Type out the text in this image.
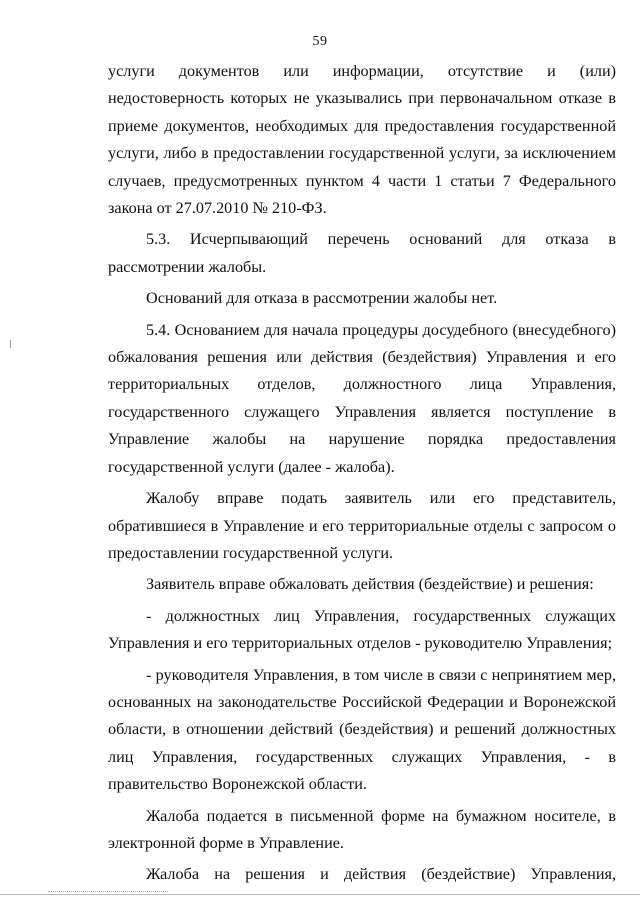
59

услуги документов или информации, отсутствие и (или) недостоверность которых не указывались при первоначальном отказе в приеме документов, необходимых для предоставления государственной услуги, либо в предоставлении государственной услуги, за исключением случаев, предусмотренных пунктом 4 части 1 статьи 7 Федерального закона от 27.07.2010 № 210-ФЗ.

5.3. Исчерпывающий перечень оснований для отказа в рассмотрении жалобы.

Оснований для отказа в рассмотрении жалобы нет.

5.4. Основанием для начала процедуры досудебного (внесудебного) обжалования решения или действия (бездействия) Управления и его территориальных отделов, должностного лица Управления, государственного служащего Управления является поступление в Управление жалобы на нарушение порядка предоставления государственной услуги (далее - жалоба).

Жалобу вправе подать заявитель или его представитель, обратившиеся в Управление и его территориальные отделы с запросом о предоставлении государственной услуги.

Заявитель вправе обжаловать действия (бездействие) и решения:

- должностных лиц Управления, государственных служащих Управления и его территориальных отделов - руководителю Управления;

- руководителя Управления, в том числе в связи с непринятием мер, основанных на законодательстве Российской Федерации и Воронежской области, в отношении действий (бездействия) и решений должностных лиц Управления, государственных служащих Управления, - в правительство Воронежской области.

Жалоба подается в письменной форме на бумажном носителе, в электронной форме в Управление.

Жалоба на решения и действия (бездействие) Управления,
